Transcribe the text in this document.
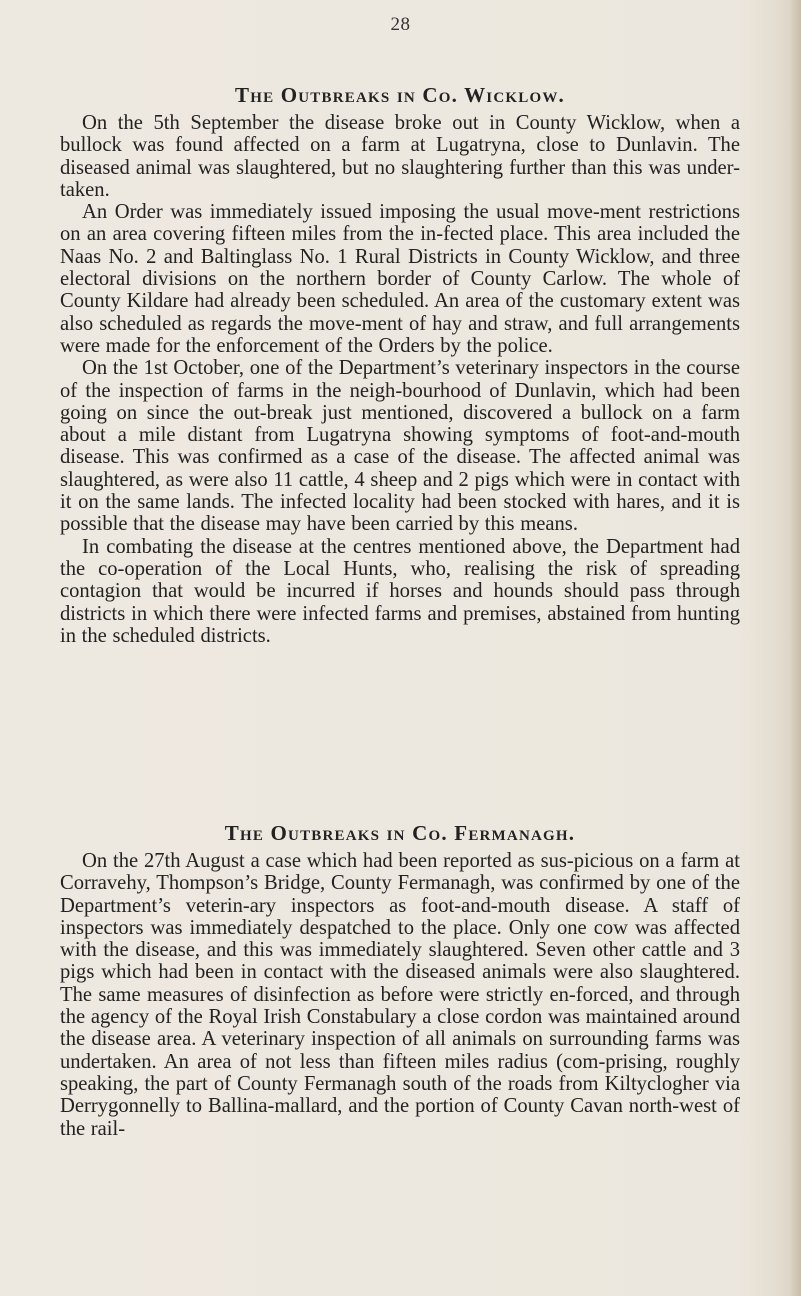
28
The Outbreaks in Co. Wicklow.

On the 5th September the disease broke out in County Wicklow, when a bullock was found affected on a farm at Lugatryna, close to Dunlavin. The diseased animal was slaughtered, but no slaughtering further than this was under-taken.

An Order was immediately issued imposing the usual move-ment restrictions on an area covering fifteen miles from the in-fected place. This area included the Naas No. 2 and Baltinglass No. 1 Rural Districts in County Wicklow, and three electoral divisions on the northern border of County Carlow. The whole of County Kildare had already been scheduled. An area of the customary extent was also scheduled as regards the move-ment of hay and straw, and full arrangements were made for the enforcement of the Orders by the police.

On the 1st October, one of the Department’s veterinary inspectors in the course of the inspection of farms in the neigh-bourhood of Dunlavin, which had been going on since the out-break just mentioned, discovered a bullock on a farm about a mile distant from Lugatryna showing symptoms of foot-and-mouth disease. This was confirmed as a case of the disease. The affected animal was slaughtered, as were also 11 cattle, 4 sheep and 2 pigs which were in contact with it on the same lands. The infected locality had been stocked with hares, and it is possible that the disease may have been carried by this means.

In combating the disease at the centres mentioned above, the Department had the co-operation of the Local Hunts, who, realising the risk of spreading contagion that would be incurred if horses and hounds should pass through districts in which there were infected farms and premises, abstained from hunting in the scheduled districts.

The Outbreaks in Co. Fermanagh.

On the 27th August a case which had been reported as sus-picious on a farm at Corravehy, Thompson’s Bridge, County Fermanagh, was confirmed by one of the Department’s veterin-ary inspectors as foot-and-mouth disease. A staff of inspectors was immediately despatched to the place. Only one cow was affected with the disease, and this was immediately slaughtered. Seven other cattle and 3 pigs which had been in contact with the diseased animals were also slaughtered. The same measures of disinfection as before were strictly en-forced, and through the agency of the Royal Irish Constabulary a close cordon was maintained around the disease area. A veterinary inspection of all animals on surrounding farms was undertaken. An area of not less than fifteen miles radius (com-prising, roughly speaking, the part of County Fermanagh south of the roads from Kiltyclogher via Derrygonnelly to Ballina-mallard, and the portion of County Cavan north-west of the rail-
